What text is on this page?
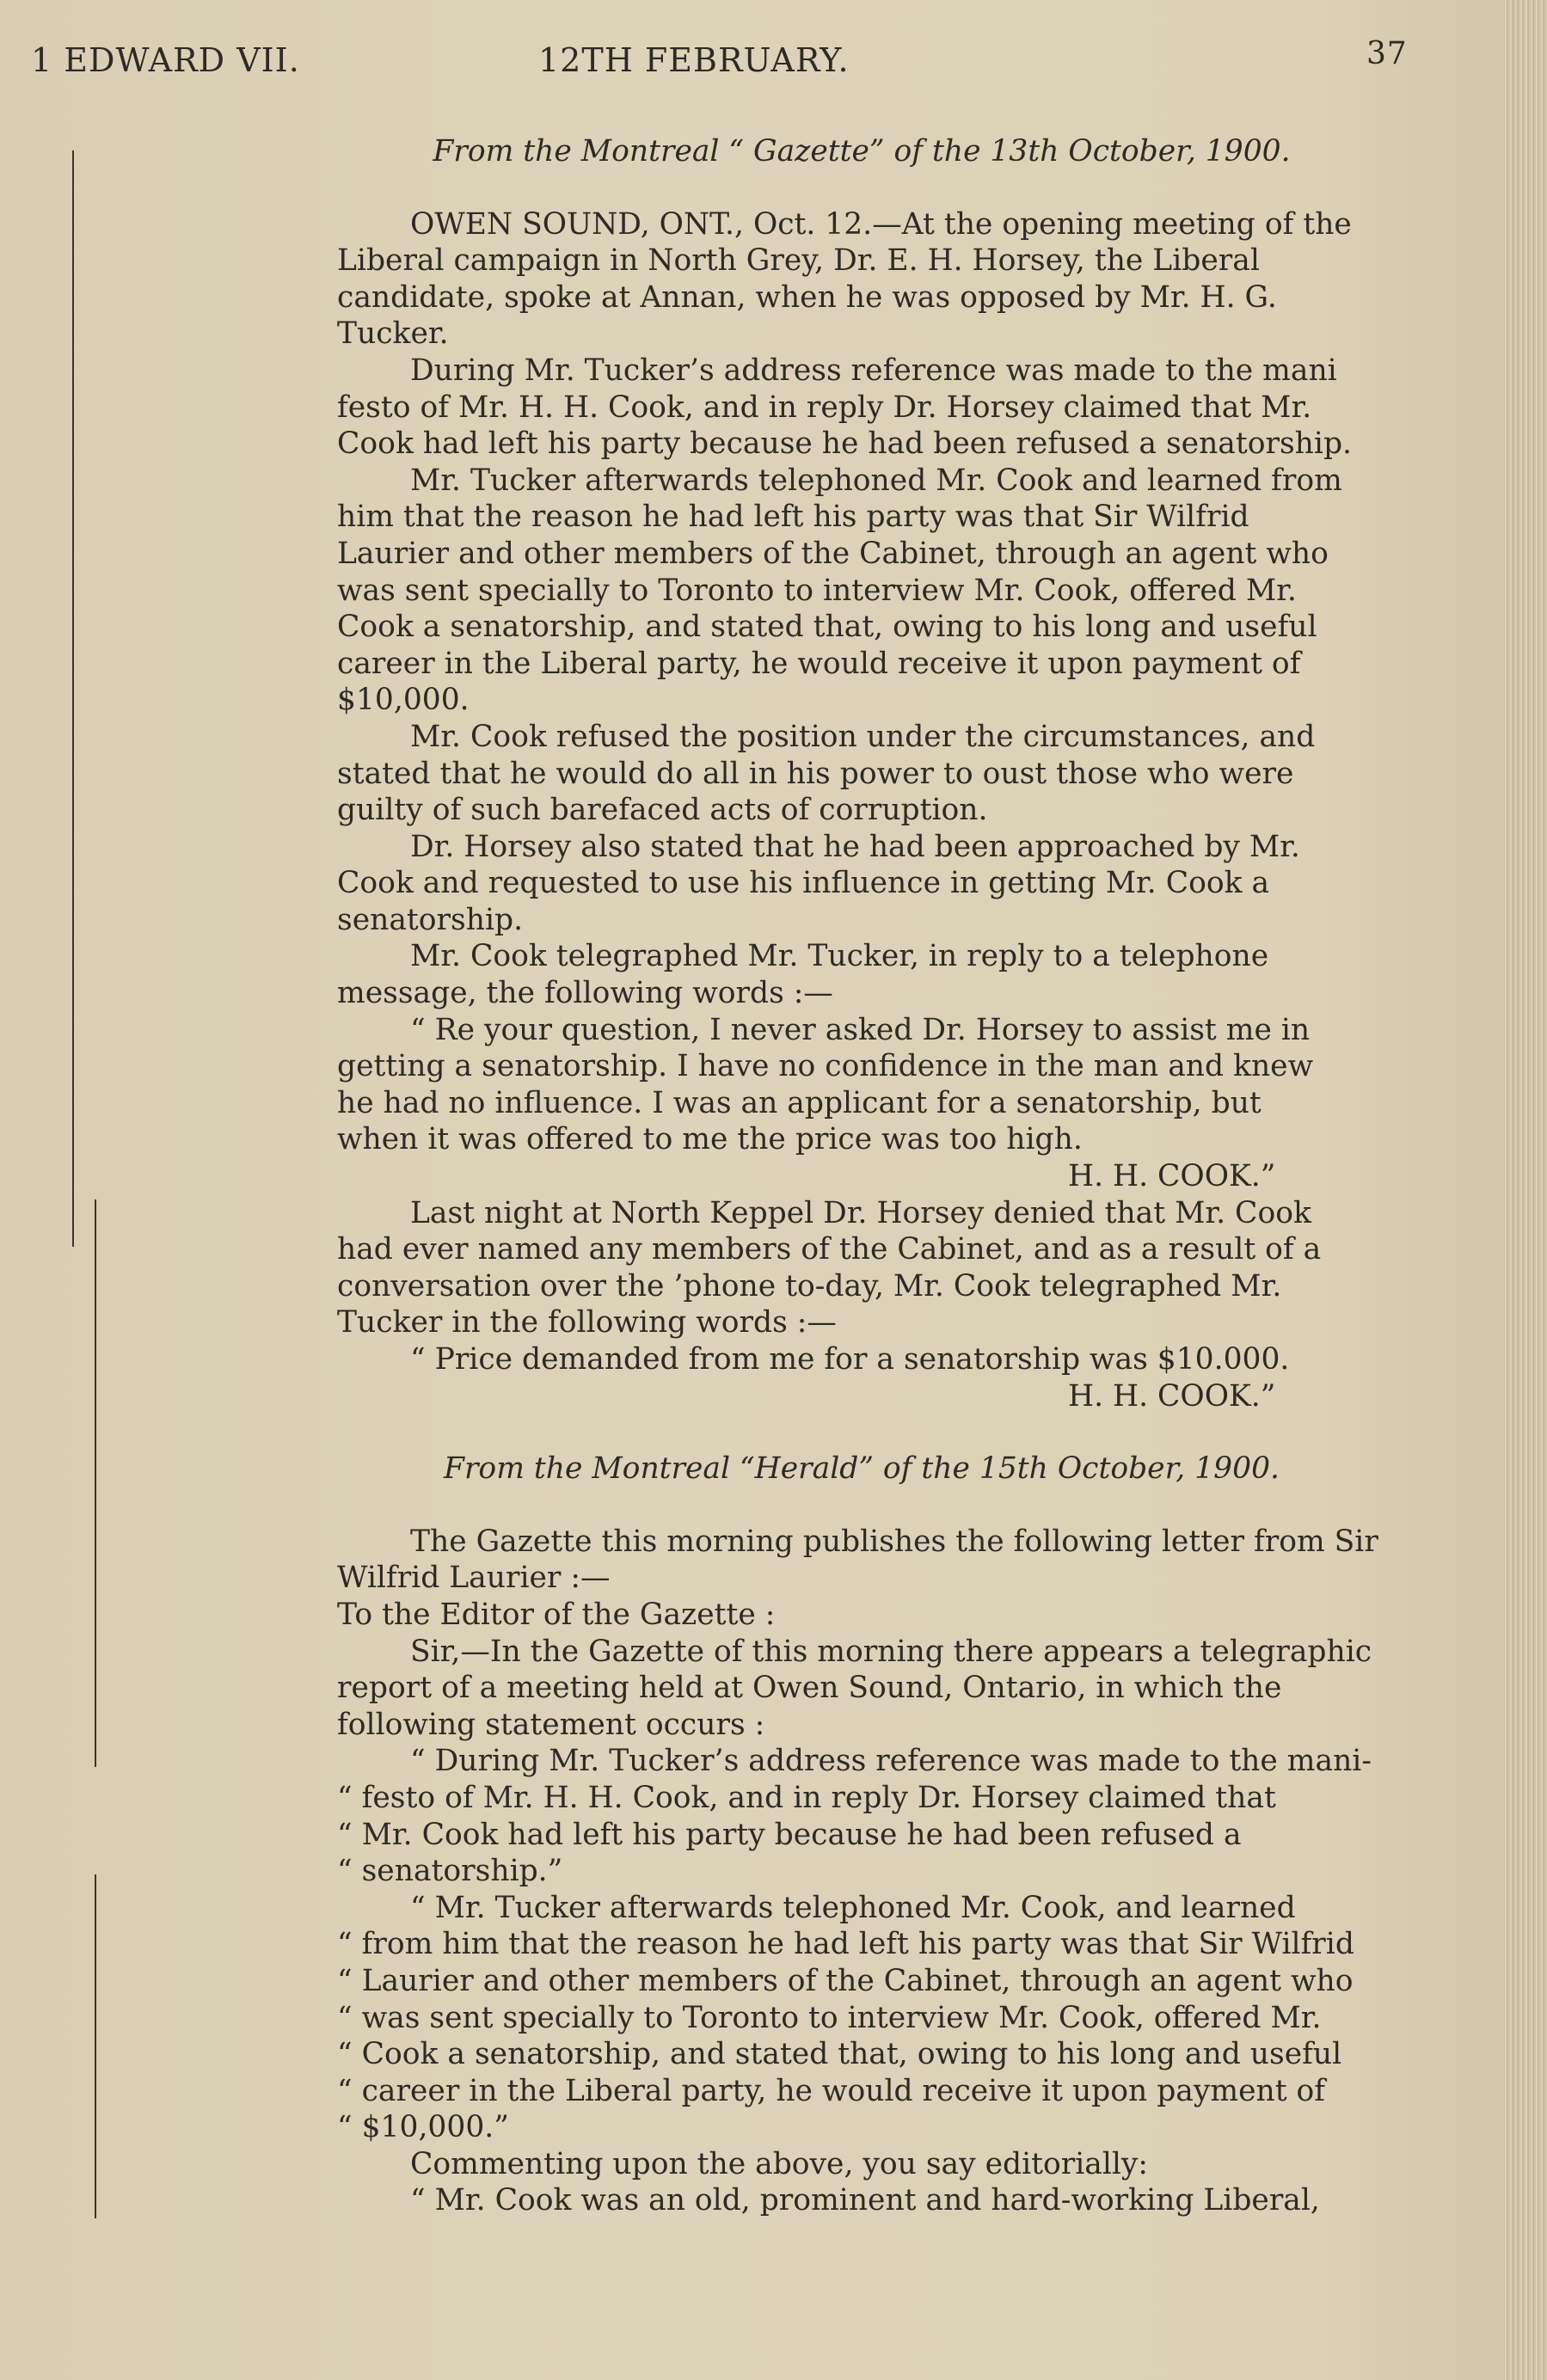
1 EDWARD VII.	12TH FEBRUARY.	37
From the Montreal “ Gazette” of the 13th October, 1900.
OWEN SOUND, ONT., Oct. 12.—At the opening meeting of the
Liberal campaign in North Grey, Dr. E. H. Horsey, the Liberal
candidate, spoke at Annan, when he was opposed by Mr. H. G.
Tucker.
During Mr. Tucker’s address reference was made to the mani
festo of Mr. H. H. Cook, and in reply Dr. Horsey claimed that Mr.
Cook had left his party because he had been refused a senatorship.
Mr. Tucker afterwards telephoned Mr. Cook and learned from
him that the reason he had left his party was that Sir Wilfrid
Laurier and other members of the Cabinet, through an agent who
was sent specially to Toronto to interview Mr. Cook, offered Mr.
Cook a senatorship, and stated that, owing to his long and useful
career in the Liberal party, he would receive it upon payment of
$10,000.
Mr. Cook refused the position under the circumstances, and
stated that he would do all in his power to oust those who were
guilty of such barefaced acts of corruption.
Dr. Horsey also stated that he had been approached by Mr.
Cook and requested to use his influence in getting Mr. Cook a
senatorship.
Mr. Cook telegraphed Mr. Tucker, in reply to a telephone
message, the following words :—
“ Re your question, I never asked Dr. Horsey to assist me in
getting a senatorship. I have no confidence in the man and knew
he had no influence. I was an applicant for a senatorship, but
when it was offered to me the price was too high.
H. H. COOK.”
Last night at North Keppel Dr. Horsey denied that Mr. Cook
had ever named any members of the Cabinet, and as a result of a
conversation over the ’phone to-day, Mr. Cook telegraphed Mr.
Tucker in the following words :—
“ Price demanded from me for a senatorship was $10.000.
H. H. COOK.”
From the Montreal “Herald” of the 15th October, 1900.
The Gazette this morning publishes the following letter from Sir
Wilfrid Laurier :—
To the Editor of the Gazette :
Sir,—In the Gazette of this morning there appears a telegraphic
report of a meeting held at Owen Sound, Ontario, in which the
following statement occurs :
“ During Mr. Tucker’s address reference was made to the mani-
“ festo of Mr. H. H. Cook, and in reply Dr. Horsey claimed that
“ Mr. Cook had left his party because he had been refused a
“ senatorship.”
“ Mr. Tucker afterwards telephoned Mr. Cook, and learned
“ from him that the reason he had left his party was that Sir Wilfrid
“ Laurier and other members of the Cabinet, through an agent who
“ was sent specially to Toronto to interview Mr. Cook, offered Mr.
“ Cook a senatorship, and stated that, owing to his long and useful
“ career in the Liberal party, he would receive it upon payment of
“ $10,000.”
Commenting upon the above, you say editorially:
“ Mr. Cook was an old, prominent and hard-working Liberal,
